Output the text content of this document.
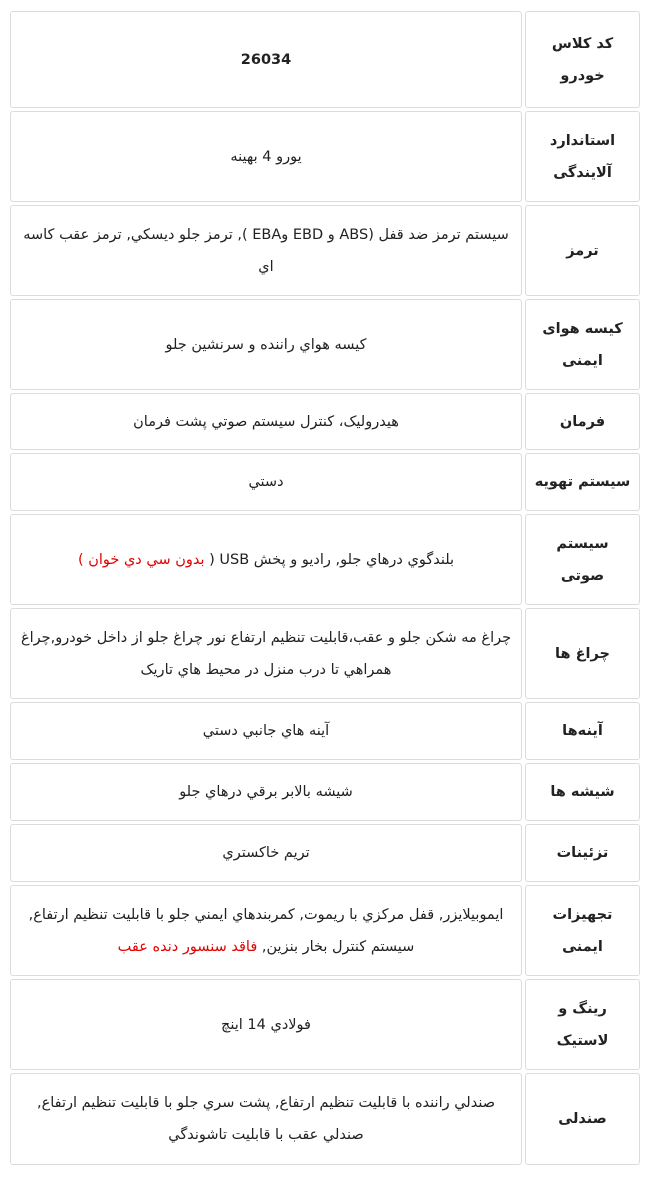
کد کلاس خودرو	26034
استاندارد آلایندگی	یورو 4 بهینه
ترمز	سيستم ترمز ضد قفل (ABS و EBD وEBA ), ترمز جلو ديسکي, ترمز عقب کاسه اي
کیسه هوای ایمنی	کيسه هواي راننده و سرنشين جلو
فرمان	هيدروليک، کنترل سيستم صوتي پشت فرمان
سیستم تهویه	دستي
سیستم صوتی	بلندگوي درهاي جلو, راديو و پخش USB ( بدون سي دي خوان )
چراغ ها	چراغ مه شکن جلو و عقب،قابليت تنظيم ارتفاع نور چراغ جلو از داخل خودرو,چراغ همراهي تا درب منزل در محيط هاي تاريک
آینه‌ها	آينه هاي جانبي دستي
شیشه ها	شيشه بالابر برقي درهاي جلو
تزئینات	تريم خاکستري
تجهیزات ایمنی	ايموبيلايزر, قفل مرکزي با ريموت, کمربندهاي ايمني جلو با قابليت تنظيم ارتفاع, سيستم کنترل بخار بنزين, فاقد سنسور دنده عقب
رینگ و لاستیک	فولادي 14 اينچ
صندلی	صندلي راننده با قابليت تنظيم ارتفاع, پشت سري جلو با قابليت تنظيم ارتفاع, صندلي عقب با قابليت تاشوندگي
